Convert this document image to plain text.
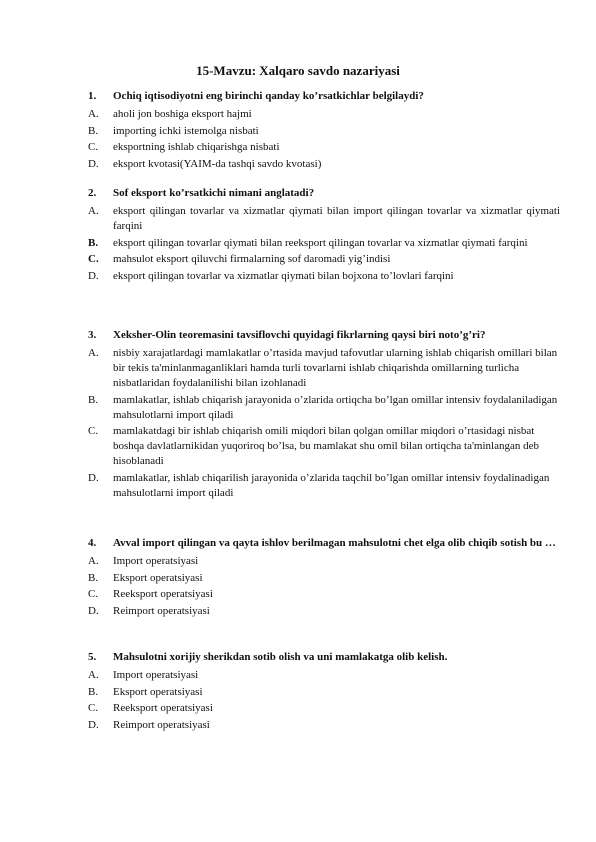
15-Mavzu: Xalqaro savdo nazariyasi
1.	Ochiq iqtisodiyotni eng birinchi qanday ko’rsatkichlar belgilaydi?
A.	aholi jon boshiga eksport hajmi
B.	importing ichki istemolga nisbati
C.	eksportning ishlab chiqarishga nisbati
D.	eksport kvotasi(YAIM-da tashqi savdo kvotasi)
2.	Sof eksport ko’rsatkichi nimani anglatadi?
A.	eksport qilingan tovarlar va xizmatlar qiymati bilan import qilingan tovarlar va xizmatlar qiymati farqini
B.	eksport qilingan tovarlar qiymati bilan reeksport qilingan tovarlar va xizmatlar qiymati farqini
C.	mahsulot eksport qiluvchi firmalarning sof daromadi yig’indisi
D.	eksport qilingan tovarlar va xizmatlar qiymati bilan bojxona to’lovlari farqini
3.	Xeksher-Olin teoremasini tavsiflovchi quyidagi fikrlarning qaysi biri noto’g’ri?
A.	nisbiy xarajatlardagi mamlakatlar o’rtasida mavjud tafovutlar ularning ishlab chiqarish omillari bilan bir tekis ta'minlanmaganliklari hamda turli tovarlarni ishlab chiqarishda omillarning turlicha nisbatlaridan foydalanilishi bilan izohlanadi
B.	mamlakatlar, ishlab chiqarish jarayonida o’zlarida ortiqcha bo’lgan omillar intensiv foydalaniladigan mahsulotlarni import qiladi
C.	mamlakatdagi bir ishlab chiqarish omili miqdori bilan qolgan omillar miqdori o’rtasidagi nisbat boshqa davlatlarnikidan yuqoriroq bo’lsa, bu mamlakat shu omil bilan ortiqcha ta'minlangan deb hisoblanadi
D.	mamlakatlar, ishlab chiqarilish jarayonida o’zlarida taqchil bo’lgan omillar intensiv foydalinadigan mahsulotlarni import qiladi
4.	Avval import qilingan va qayta ishlov berilmagan mahsulotni chet elga olib chiqib sotish bu …
A.	Import operatsiyasi
B.	Eksport operatsiyasi
C.	Reeksport operatsiyasi
D.	Reimport operatsiyasi
5.	Mahsulotni xorijiy sherikdan sotib olish va uni mamlakatga olib kelish.
A.	Import operatsiyasi
B.	Eksport operatsiyasi
C.	Reeksport operatsiyasi
D.	Reimport operatsiyasi
